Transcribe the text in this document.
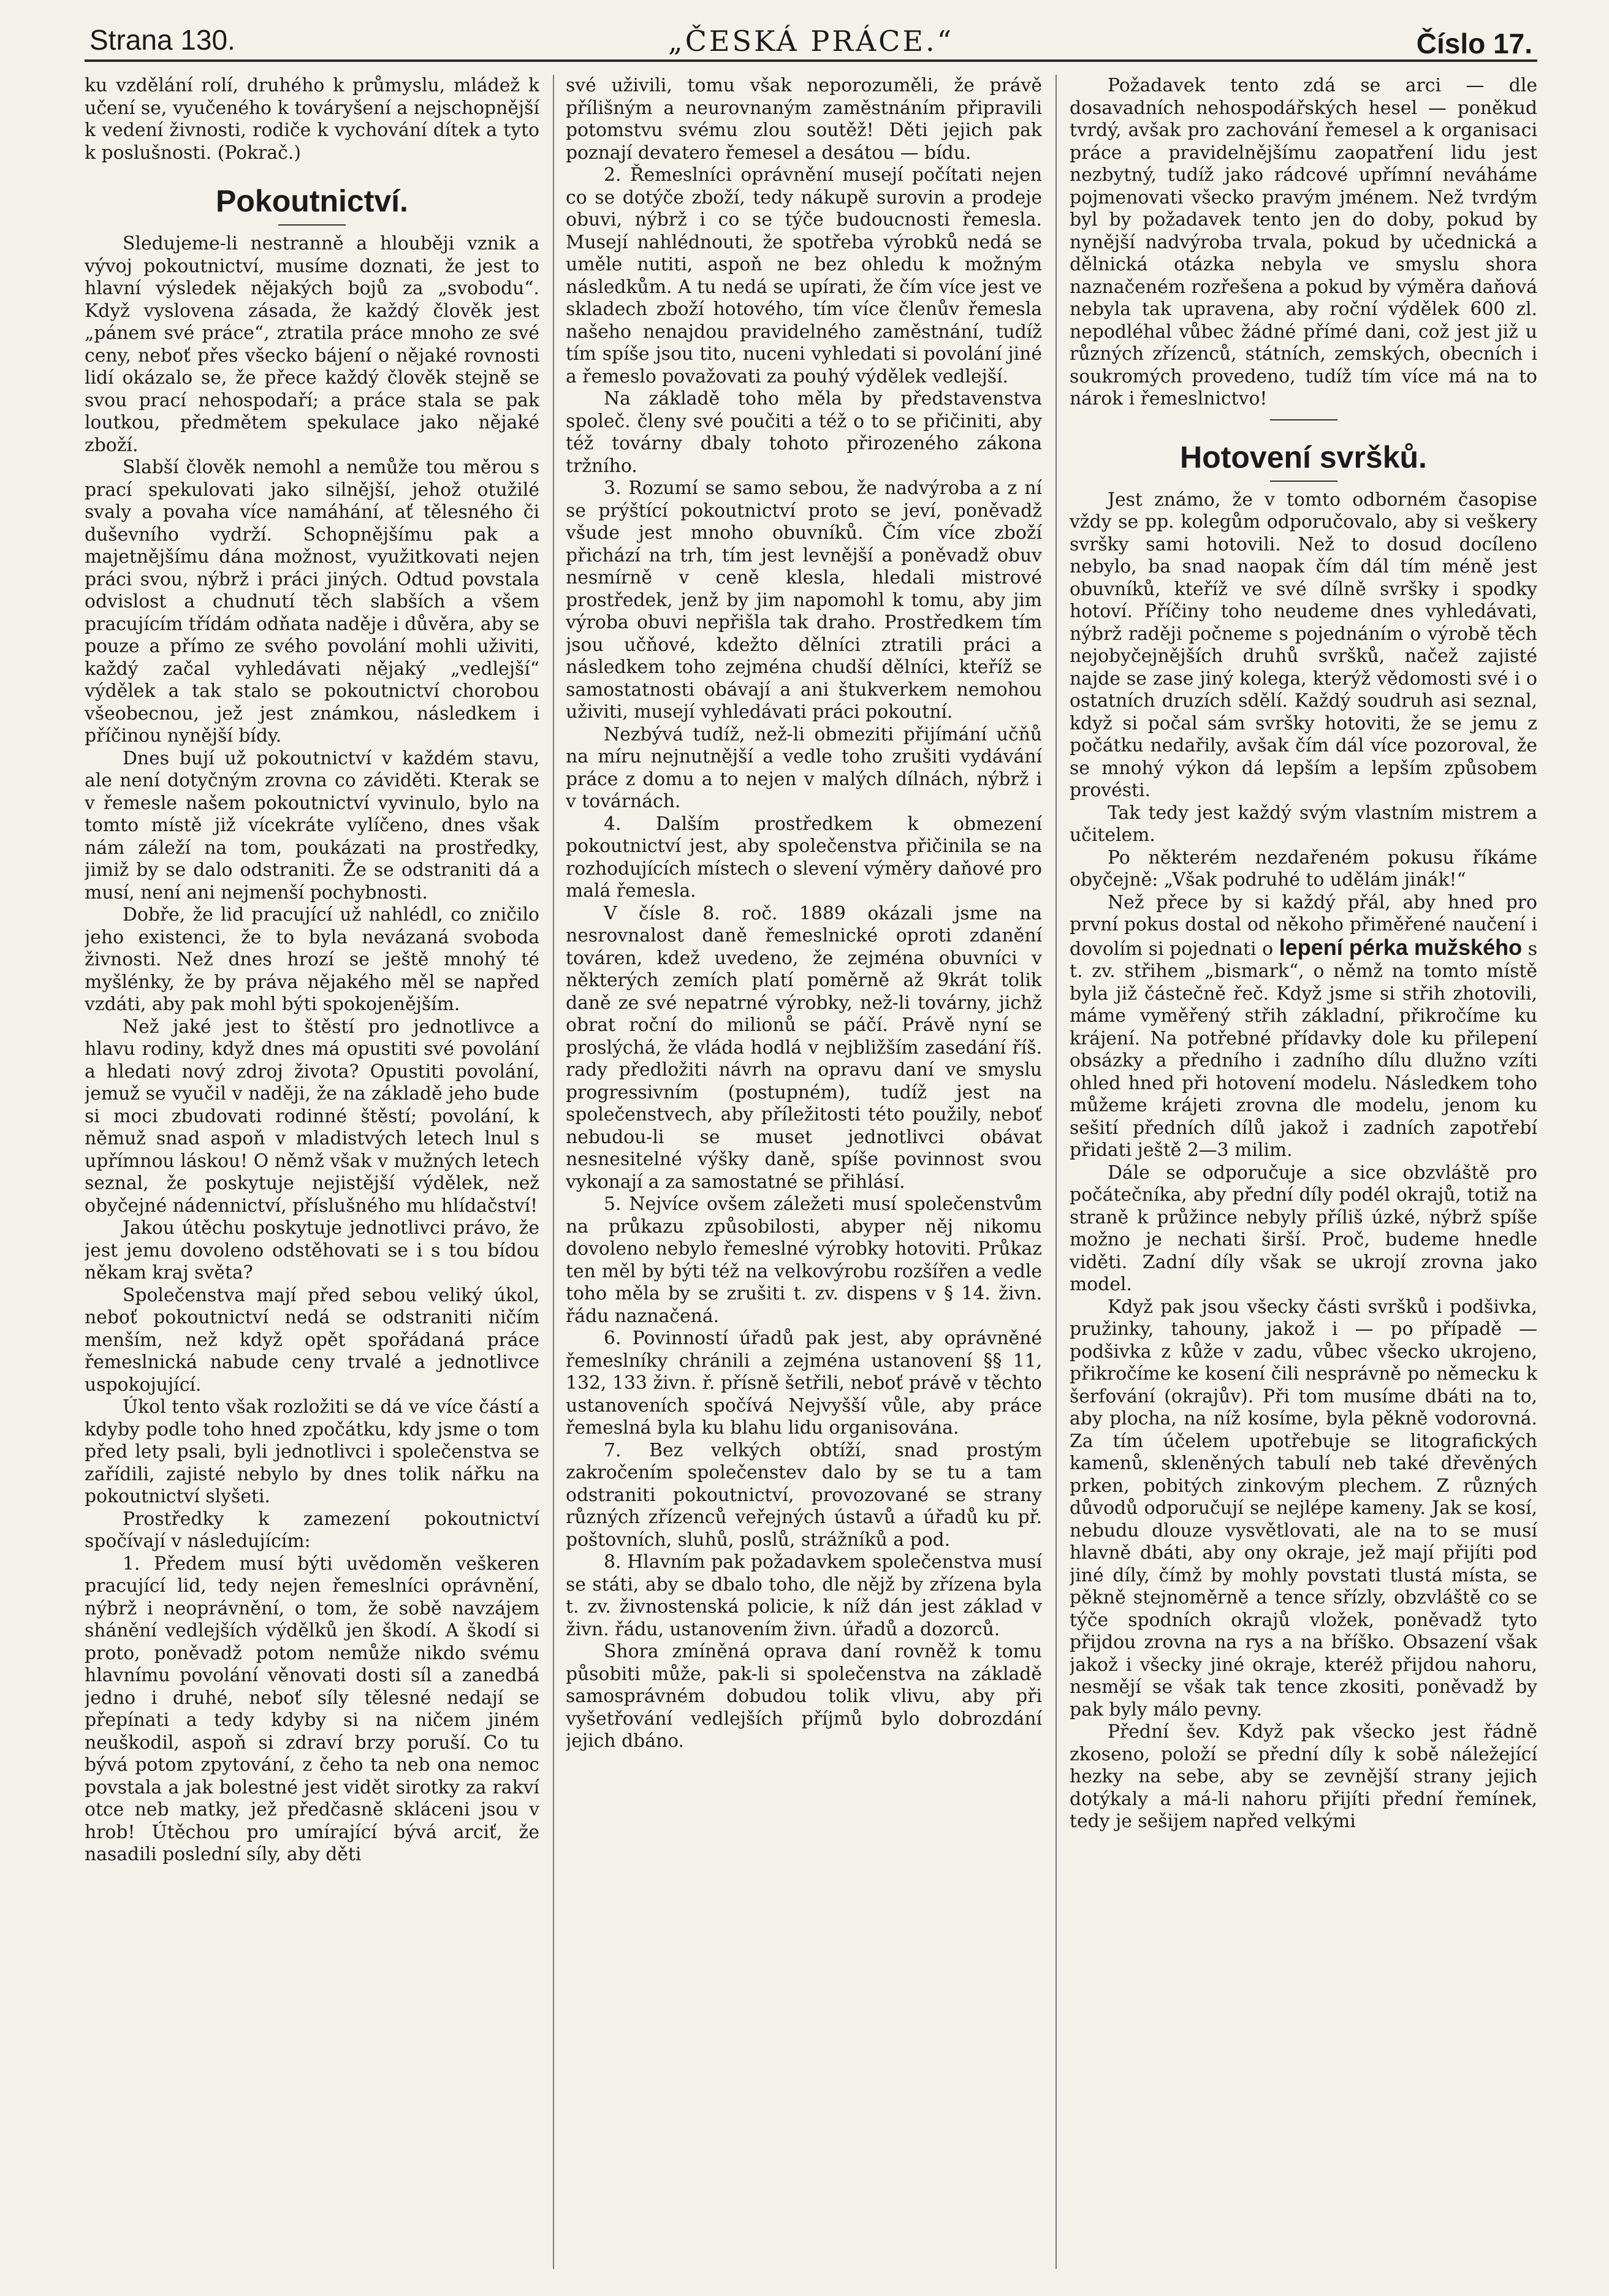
Strana 130.	„ČESKÁ PRÁCE.“	Číslo 17.

ku vzdělání rolí, druhého k průmyslu, mládež k učení se, vyučeného k továryšení a nejschopnější k vedení živnosti, rodiče k vychování dítek a tyto k poslušnosti. (Pokrač.)

Pokoutnictví.

Sledujeme-li nestranně a hlouběji vznik a vývoj pokoutnictví, musíme doznati, že jest to hlavní výsledek nějakých bojů za „svobodu“. Když vyslovena zásada, že každý člověk jest „pánem své práce“, ztratila práce mnoho ze své ceny, neboť přes všecko bájení o nějaké rovnosti lidí okázalo se, že přece každý člověk stejně se svou prací nehospodaří; a práce stala se pak loutkou, předmětem spekulace jako nějaké zboží.

Slabší člověk nemohl a nemůže tou měrou s prací spekulovati jako silnější, jehož otužilé svaly a povaha více namáhání, ať tělesného či duševního vydrží. Schopnějšímu pak a majetnějšímu dána možnost, využitkovati nejen práci svou, nýbrž i práci jiných. Odtud povstala odvislost a chudnutí těch slabších a všem pracujícím třídám odňata naděje i důvěra, aby se pouze a přímo ze svého povolání mohli uživiti, každý začal vyhledávati nějaký „vedlejší“ výdělek a tak stalo se pokoutnictví chorobou všeobecnou, jež jest známkou, následkem i příčinou nynější bídy.

Dnes bují už pokoutnictví v každém stavu, ale není dotyčným zrovna co záviděti. Kterak se v řemesle našem pokoutnictví vyvinulo, bylo na tomto místě již vícekráte vylíčeno, dnes však nám záleží na tom, poukázati na prostředky, jimiž by se dalo odstraniti. Že se odstraniti dá a musí, není ani nejmenší pochybnosti.

Dobře, že lid pracující už nahlédl, co zničilo jeho existenci, že to byla nevázaná svoboda živnosti. Než dnes hrozí se ještě mnohý té myšlénky, že by práva nějakého měl se napřed vzdáti, aby pak mohl býti spokojenějším.

Než jaké jest to štěstí pro jednotlivce a hlavu rodiny, když dnes má opustiti své povolání a hledati nový zdroj života? Opustiti povolání, jemuž se vyučil v naději, že na základě jeho bude si moci zbudovati rodinné štěstí; povolání, k němuž snad aspoň v mladistvých letech lnul s upřímnou láskou! O němž však v mužných letech seznal, že poskytuje nejistější výdělek, než obyčejné nádennictví, příslušného mu hlídačství!

Jakou útěchu poskytuje jednotlivci právo, že jest jemu dovoleno odstěhovati se i s tou bídou někam kraj světa?

Společenstva mají před sebou veliký úkol, neboť pokoutnictví nedá se odstraniti ničím menším, než když opět spořádaná práce řemeslnická nabude ceny trvalé a jednotlivce uspokojující.

Úkol tento však rozložiti se dá ve více částí a kdyby podle toho hned zpočátku, kdy jsme o tom před lety psali, byli jednotlivci i společenstva se zařídili, zajisté nebylo by dnes tolik nářku na pokoutnictví slyšeti.

Prostředky k zamezení pokoutnictví spočívají v následujícím:

1. Předem musí býti uvědoměn veškeren pracující lid, tedy nejen řemeslníci oprávnění, nýbrž i neoprávnění, o tom, že sobě navzájem shánění vedlejších výdělků jen škodí. A škodí si proto, poněvadž potom nemůže nikdo svému hlavnímu povolání věnovati dosti síl a zanedbá jedno i druhé, neboť síly tělesné nedají se přepínati a tedy kdyby si na ničem jiném neuškodil, aspoň si zdraví brzy poruší. Co tu bývá potom zpytování, z čeho ta neb ona nemoc povstala a jak bolestné jest vidět sirotky za rakví otce neb matky, jež předčasně skláceni jsou v hrob! Útěchou pro umírající bývá arciť, že nasadili poslední síly, aby děti

své uživili, tomu však neporozuměli, že právě přílišným a neurovnaným zaměstnáním připravili potomstvu svému zlou soutěž! Děti jejich pak poznají devatero řemesel a desátou — bídu.

2. Řemeslníci oprávnění musejí počítati nejen co se dotýče zboží, tedy nákupě surovin a prodeje obuvi, nýbrž i co se týče budoucnosti řemesla. Musejí nahlédnouti, že spotřeba výrobků nedá se uměle nutiti, aspoň ne bez ohledu k možným následkům. A tu nedá se upírati, že čím více jest ve skladech zboží hotového, tím více členův řemesla našeho nenajdou pravidelného zaměstnání, tudíž tím spíše jsou tito, nuceni vyhledati si povolání jiné a řemeslo považovati za pouhý výdělek vedlejší.

Na základě toho měla by představenstva společ. členy své poučiti a též o to se přičiniti, aby též továrny dbaly tohoto přirozeného zákona tržního.

3. Rozumí se samo sebou, že nadvýroba a z ní se prýštící pokoutnictví proto se jeví, poněvadž všude jest mnoho obuvníků. Čím více zboží přichází na trh, tím jest levnější a poněvadž obuv nesmírně v ceně klesla, hledali mistrové prostředek, jenž by jim napomohl k tomu, aby jim výroba obuvi nepřišla tak draho. Prostředkem tím jsou učňové, kdežto dělníci ztratili práci a následkem toho zejména chudší dělníci, kteříž se samostatnosti obávají a ani štukverkem nemohou uživiti, musejí vyhledávati práci pokoutní.

Nezbývá tudíž, než-li obmeziti přijímání učňů na míru nejnutnější a vedle toho zrušiti vydávání práce z domu a to nejen v malých dílnách, nýbrž i v továrnách.

4. Dalším prostředkem k obmezení pokoutnictví jest, aby společenstva přičinila se na rozhodujících místech o slevení výměry daňové pro malá řemesla.

V čísle 8. roč. 1889 okázali jsme na nesrovnalost daně řemeslnické oproti zdanění továren, kdež uvedeno, že zejména obuvníci v některých zemích platí poměrně až 9krát tolik daně ze své nepatrné výrobky, než-li továrny, jichž obrat roční do milionů se páčí. Právě nyní se proslýchá, že vláda hodlá v nejbližším zasedání říš. rady předložiti návrh na opravu daní ve smyslu progressivním (postupném), tudíž jest na společenstvech, aby příležitosti této použily, neboť nebudou-li se muset jednotlivci obávat nesnesitelné výšky daně, spíše povinnost svou vykonají a za samostatné se přihlásí.

5. Nejvíce ovšem záležeti musí společenstvům na průkazu způsobilosti, abyper něj nikomu dovoleno nebylo řemeslné výrobky hotoviti. Průkaz ten měl by býti též na velkovýrobu rozšířen a vedle toho měla by se zrušiti t. zv. dispens v § 14. živn. řádu naznačená.

6. Povinností úřadů pak jest, aby oprávněné řemeslníky chránili a zejména ustanovení §§ 11, 132, 133 živn. ř. přísně šetřili, neboť právě v těchto ustanoveních spočívá Nejvyšší vůle, aby práce řemeslná byla ku blahu lidu organisována.

7. Bez velkých obtíží, snad prostým zakročením společenstev dalo by se tu a tam odstraniti pokoutnictví, provozované se strany různých zřízenců veřejných ústavů a úřadů ku př. poštovních, sluhů, poslů, strážníků a pod.

8. Hlavním pak požadavkem společenstva musí se státi, aby se dbalo toho, dle nějž by zřízena byla t. zv. živnostenská policie, k níž dán jest základ v živn. řádu, ustanovením živn. úřadů a dozorců.

Shora zmíněná oprava daní rovněž k tomu působiti může, pak-li si společenstva na základě samosprávném dobudou tolik vlivu, aby při vyšetřování vedlejších příjmů bylo dobrozdání jejich dbáno.

Požadavek tento zdá se arci — dle dosavadních nehospodářských hesel — poněkud tvrdý, avšak pro zachování řemesel a k organisaci práce a pravidelnějšímu zaopatření lidu jest nezbytný, tudíž jako rádcové upřímní neváháme pojmenovati všecko pravým jménem. Než tvrdým byl by požadavek tento jen do doby, pokud by nynější nadvýroba trvala, pokud by učednická a dělnická otázka nebyla ve smyslu shora naznačeném rozřešena a pokud by výměra daňová nebyla tak upravena, aby roční výdělek 600 zl. nepodléhal vůbec žádné přímé dani, což jest již u různých zřízenců, státních, zemských, obecních i soukromých provedeno, tudíž tím více má na to nárok i řemeslnictvo!

Hotovení svršků.

Jest známo, že v tomto odborném časopise vždy se pp. kolegům odporučovalo, aby si veškery svršky sami hotovili. Než to dosud docíleno nebylo, ba snad naopak čím dál tím méně jest obuvníků, kteříž ve své dílně svršky i spodky hotoví. Příčiny toho neudeme dnes vyhledávati, nýbrž raději počneme s pojednáním o výrobě těch nejobyčejnějších druhů svršků, načež zajisté najde se zase jiný kolega, kterýž vědomosti své i o ostatních druzích sdělí. Každý soudruh asi seznal, když si počal sám svršky hotoviti, že se jemu z počátku nedařily, avšak čím dál více pozoroval, že se mnohý výkon dá lepším a lepším způsobem provésti.

Tak tedy jest každý svým vlastním mistrem a učitelem.

Po některém nezdařeném pokusu říkáme obyčejně: „Však podruhé to udělám jinák!“

Než přece by si každý přál, aby hned pro první pokus dostal od někoho přiměřené naučení i dovolím si pojednati o lepení pérka mužského s t. zv. střihem „bismark“, o němž na tomto místě byla již částečně řeč. Když jsme si střih zhotovili, máme vyměřený střih základní, přikročíme ku krájení. Na potřebné přídavky dole ku přilepení obsázky a předního i zadního dílu dlužno vzíti ohled hned při hotovení modelu. Následkem toho můžeme krájeti zrovna dle modelu, jenom ku sešití předních dílů jakož i zadních zapotřebí přidati ještě 2—3 milim.

Dále se odporučuje a sice obzvláště pro počátečníka, aby přední díly podél okrajů, totiž na straně k průžince nebyly příliš úzké, nýbrž spíše možno je nechati širší. Proč, budeme hnedle viděti. Zadní díly však se ukrojí zrovna jako model.

Když pak jsou všecky části svršků i podšivka, pružinky, tahouny, jakož i — po případě — podšivka z kůže v zadu, vůbec všecko ukrojeno, přikročíme ke kosení čili nesprávně po německu k šerfování (okrajův). Při tom musíme dbáti na to, aby plocha, na níž kosíme, byla pěkně vodorovná. Za tím účelem upotřebuje se litografických kamenů, skleněných tabulí neb také dřevěných prken, pobitých zinkovým plechem. Z různých důvodů odporučují se nejlépe kameny. Jak se kosí, nebudu dlouze vysvětlovati, ale na to se musí hlavně dbáti, aby ony okraje, jež mají přijíti pod jiné díly, čímž by mohly povstati tlustá místa, se pěkně stejnoměrně a tence sřízly, obzvláště co se týče spodních okrajů vložek, poněvadž tyto přijdou zrovna na rys a na bříško. Obsazení však jakož i všecky jiné okraje, kteréž přijdou nahoru, nesmějí se však tak tence zkositi, poněvadž by pak byly málo pevny.

Přední šev. Když pak všecko jest řádně zkoseno, položí se přední díly k sobě náležející hezky na sebe, aby se zevnější strany jejich dotýkaly a má-li nahoru přijíti přední řemínek, tedy je sešijem napřed velkými
